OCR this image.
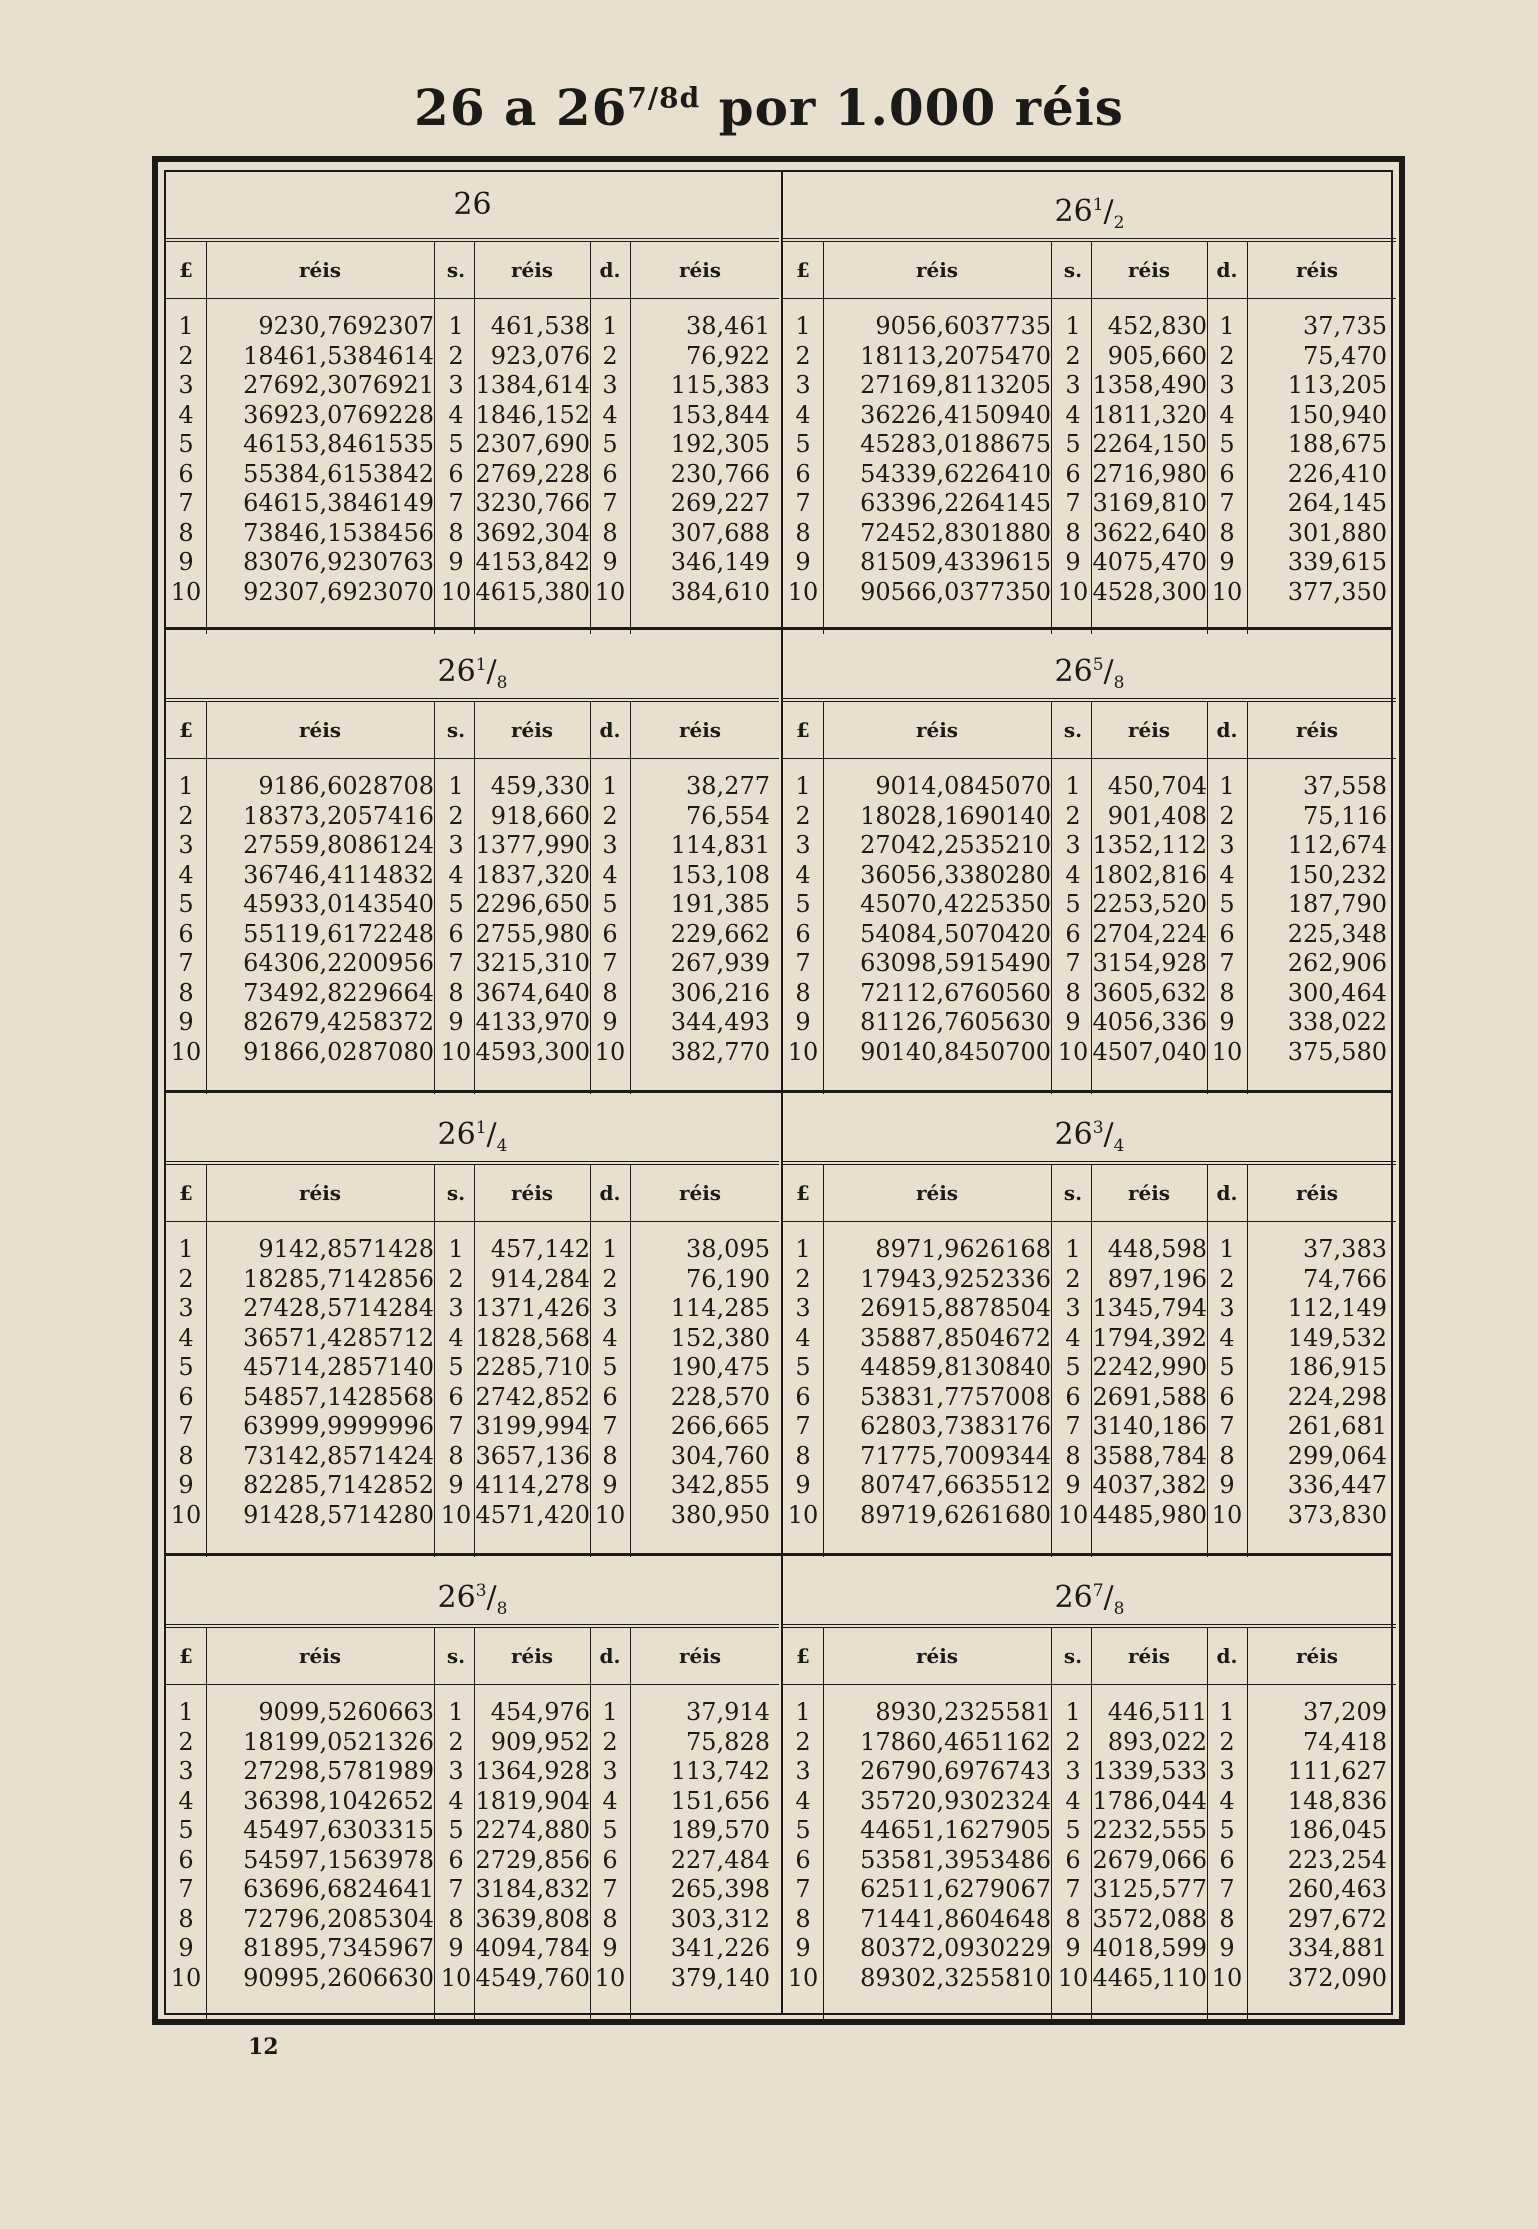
26 a $26^{7/8d}$ por 1.000 réis
26
£	réis	s.	réis	d.	réis
1	9230,7692307 1	461,538 1	38,461
2	18461,5384614 2	923,076 2	76,922
3	27692,3076921 3 1384,614 3	115,383
4	36923,0769228 4 1846,152 4	153,844
5	46153,8461535 5 2307,690 5	192,305
6	55384,6153842 6 2769,228 6	230,766
7	64615,3846149 7 3230,766 7	269,227
8	73846,1538456 8 3692,304 8	307,688
9	83076,9230763 9 4153,842 9	346,149
10	92307,6923070 10 4615,380 10	384,610
$26^1/_2$
£	réis	s.	réis	d.	réis
1	9056,6037735 1	452,830 1	37,735
2	18113,2075470 2	905,660 2	75,470
3	27169,8113205 3 1358,490 3	113,205
4	36226,4150940 4 1811,320 4	150,940
5	45283,0188675 5 2264,150 5	188,675
6	54339,6226410 6 2716,980 6	226,410
7	63396,2264145 7 3169,810 7	264,145
8	72452,8301880 8 3622,640 8	301,880
9	81509,4339615 9 4075,470 9	339,615
10	90566,0377350 10 4528,300 10	377,350
$26^1/_8$
£	réis	s.	réis	d.	réis
1	9186,6028708 1	459,330 1	38,277
2	18373,2057416 2	918,660 2	76,554
3	27559,8086124 3 1377,990 3	114,831
4	36746,4114832 4 1837,320 4	153,108
5	45933,0143540 5 2296,650 5	191,385
6	55119,6172248 6 2755,980 6	229,662
7	64306,2200956 7 3215,310 7	267,939
8	73492,8229664 8 3674,640 8	306,216
9	82679,4258372 9 4133,970 9	344,493
10	91866,0287080 10 4593,300 10	382,770
$26^5/_8$
£	réis	s.	réis	d.	réis
1	9014,0845070 1	450,704 1	37,558
2	18028,1690140 2	901,408 2	75,116
3	27042,2535210 3 1352,112 3	112,674
4	36056,3380280 4 1802,816 4	150,232
5	45070,4225350 5 2253,520 5	187,790
6	54084,5070420 6 2704,224 6	225,348
7	63098,5915490 7 3154,928 7	262,906
8	72112,6760560 8 3605,632 8	300,464
9	81126,7605630 9 4056,336 9	338,022
10	90140,8450700 10 4507,040 10	375,580
$26^1/_4$
£	réis	s.	réis	d.	réis
1	9142,8571428 1	457,142 1	38,095
2	18285,7142856 2	914,284 2	76,190
3	27428,5714284 3 1371,426 3	114,285
4	36571,4285712 4 1828,568 4	152,380
5	45714,2857140 5 2285,710 5	190,475
6	54857,1428568 6 2742,852 6	228,570
7	63999,9999996 7 3199,994 7	266,665
8	73142,8571424 8 3657,136 8	304,760
9	82285,7142852 9 4114,278 9	342,855
10	91428,5714280 10 4571,420 10	380,950
$26^3/_4$
£	réis	s.	réis	d.	réis
1	8971,9626168 1	448,598 1	37,383
2	17943,9252336 2	897,196 2	74,766
3	26915,8878504 3 1345,794 3	112,149
4	35887,8504672 4 1794,392 4	149,532
5	44859,8130840 5 2242,990 5	186,915
6	53831,7757008 6 2691,588 6	224,298
7	62803,7383176 7 3140,186 7	261,681
8	71775,7009344 8 3588,784 8	299,064
9	80747,6635512 9 4037,382 9	336,447
10	89719,6261680 10 4485,980 10	373,830
$26^3/_8$
£	réis	s.	réis	d.	réis
1	9099,5260663 1	454,976 1	37,914
2	18199,0521326 2	909,952 2	75,828
3	27298,5781989 3 1364,928 3	113,742
4	36398,1042652 4 1819,904 4	151,656
5	45497,6303315 5 2274,880 5	189,570
6	54597,1563978 6 2729,856 6	227,484
7	63696,6824641 7 3184,832 7	265,398
8	72796,2085304 8 3639,808 8	303,312
9	81895,7345967 9 4094,784 9	341,226
10	90995,2606630 10 4549,760 10	379,140
$26^7/_8$
£	réis	s.	réis	d.	réis
1	8930,2325581 1	446,511 1	37,209
2	17860,4651162 2	893,022 2	74,418
3	26790,6976743 3 1339,533 3	111,627
4	35720,9302324 4 1786,044 4	148,836
5	44651,1627905 5 2232,555 5	186,045
6	53581,3953486 6 2679,066 6	223,254
7	62511,6279067 7 3125,577 7	260,463
8	71441,8604648 8 3572,088 8	297,672
9	80372,0930229 9 4018,599 9	334,881
10	89302,3255810 10 4465,110 10	372,090
12
